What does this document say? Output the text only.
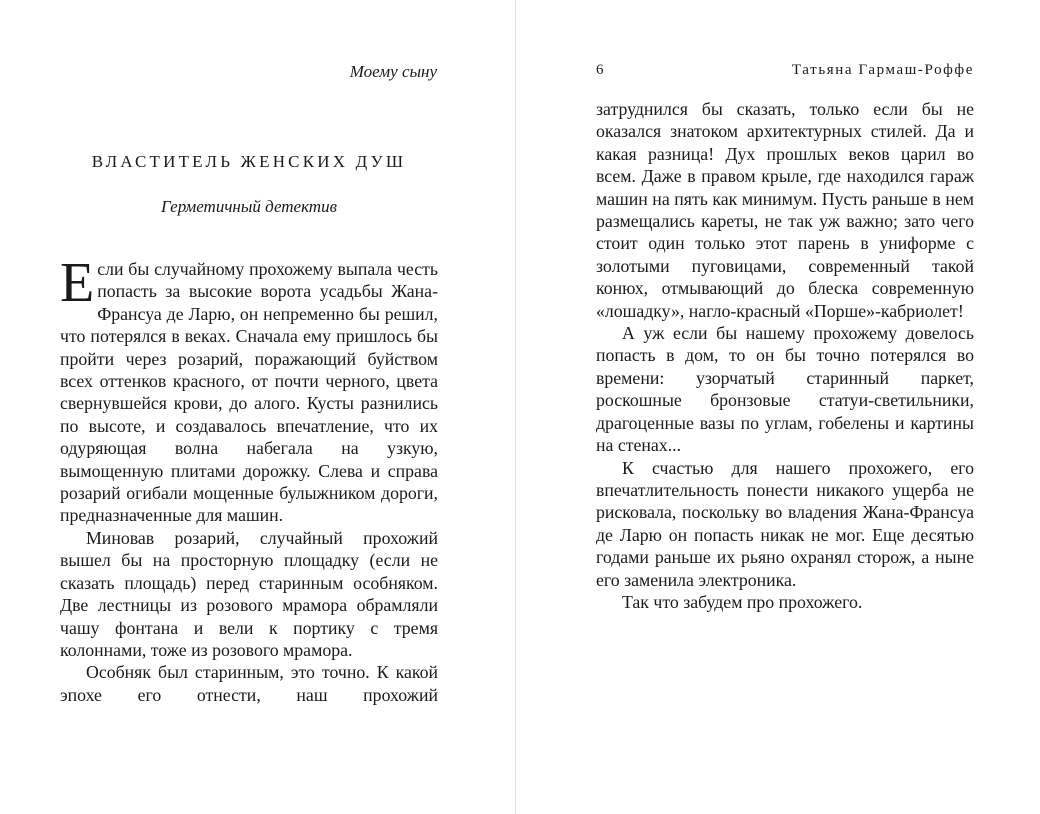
Моему сыну
ВЛАСТИТЕЛЬ ЖЕНСКИХ ДУШ
Герметичный детектив

Если бы случайному прохожему выпала честь попасть за высокие ворота усадьбы Жана-Франсуа де Ларю, он непременно бы решил, что потерялся в веках. Сначала ему пришлось бы пройти через розарий, поражающий буйством всех оттенков красного, от почти черного, цвета свернувшейся крови, до алого. Кусты разнились по высоте, и создавалось впечатление, что их одуряющая волна набегала на узкую, вымощенную плитами дорожку. Слева и справа розарий огибали мощенные булыжником дороги, предназначенные для машин.

Миновав розарий, случайный прохожий вышел бы на просторную площадку (если не сказать площадь) перед старинным особняком. Две лестницы из розового мрамора обрамляли чашу фонтана и вели к портику с тремя колоннами, тоже из розового мрамора.

Особняк был старинным, это точно. К какой эпохе его отнести, наш прохожий

6	Татьяна Гармаш-Роффе

затруднился бы сказать, только если бы не оказался знатоком архитектурных стилей. Да и какая разница! Дух прошлых веков царил во всем. Даже в правом крыле, где находился гараж машин на пять как минимум. Пусть раньше в нем размещались кареты, не так уж важно; зато чего стоит один только этот парень в униформе с золотыми пуговицами, современный такой конюх, отмывающий до блеска современную «лошадку», нагло-красный «Порше»-кабриолет!

А уж если бы нашему прохожему довелось попасть в дом, то он бы точно потерялся во времени: узорчатый старинный паркет, роскошные бронзовые статуи-светильники, драгоценные вазы по углам, гобелены и картины на стенах...

К счастью для нашего прохожего, его впечатлительность понести никакого ущерба не рисковала, поскольку во владения Жана-Франсуа де Ларю он попасть никак не мог. Еще десятью годами раньше их рьяно охранял сторож, а ныне его заменила электроника.

Так что забудем про прохожего.
